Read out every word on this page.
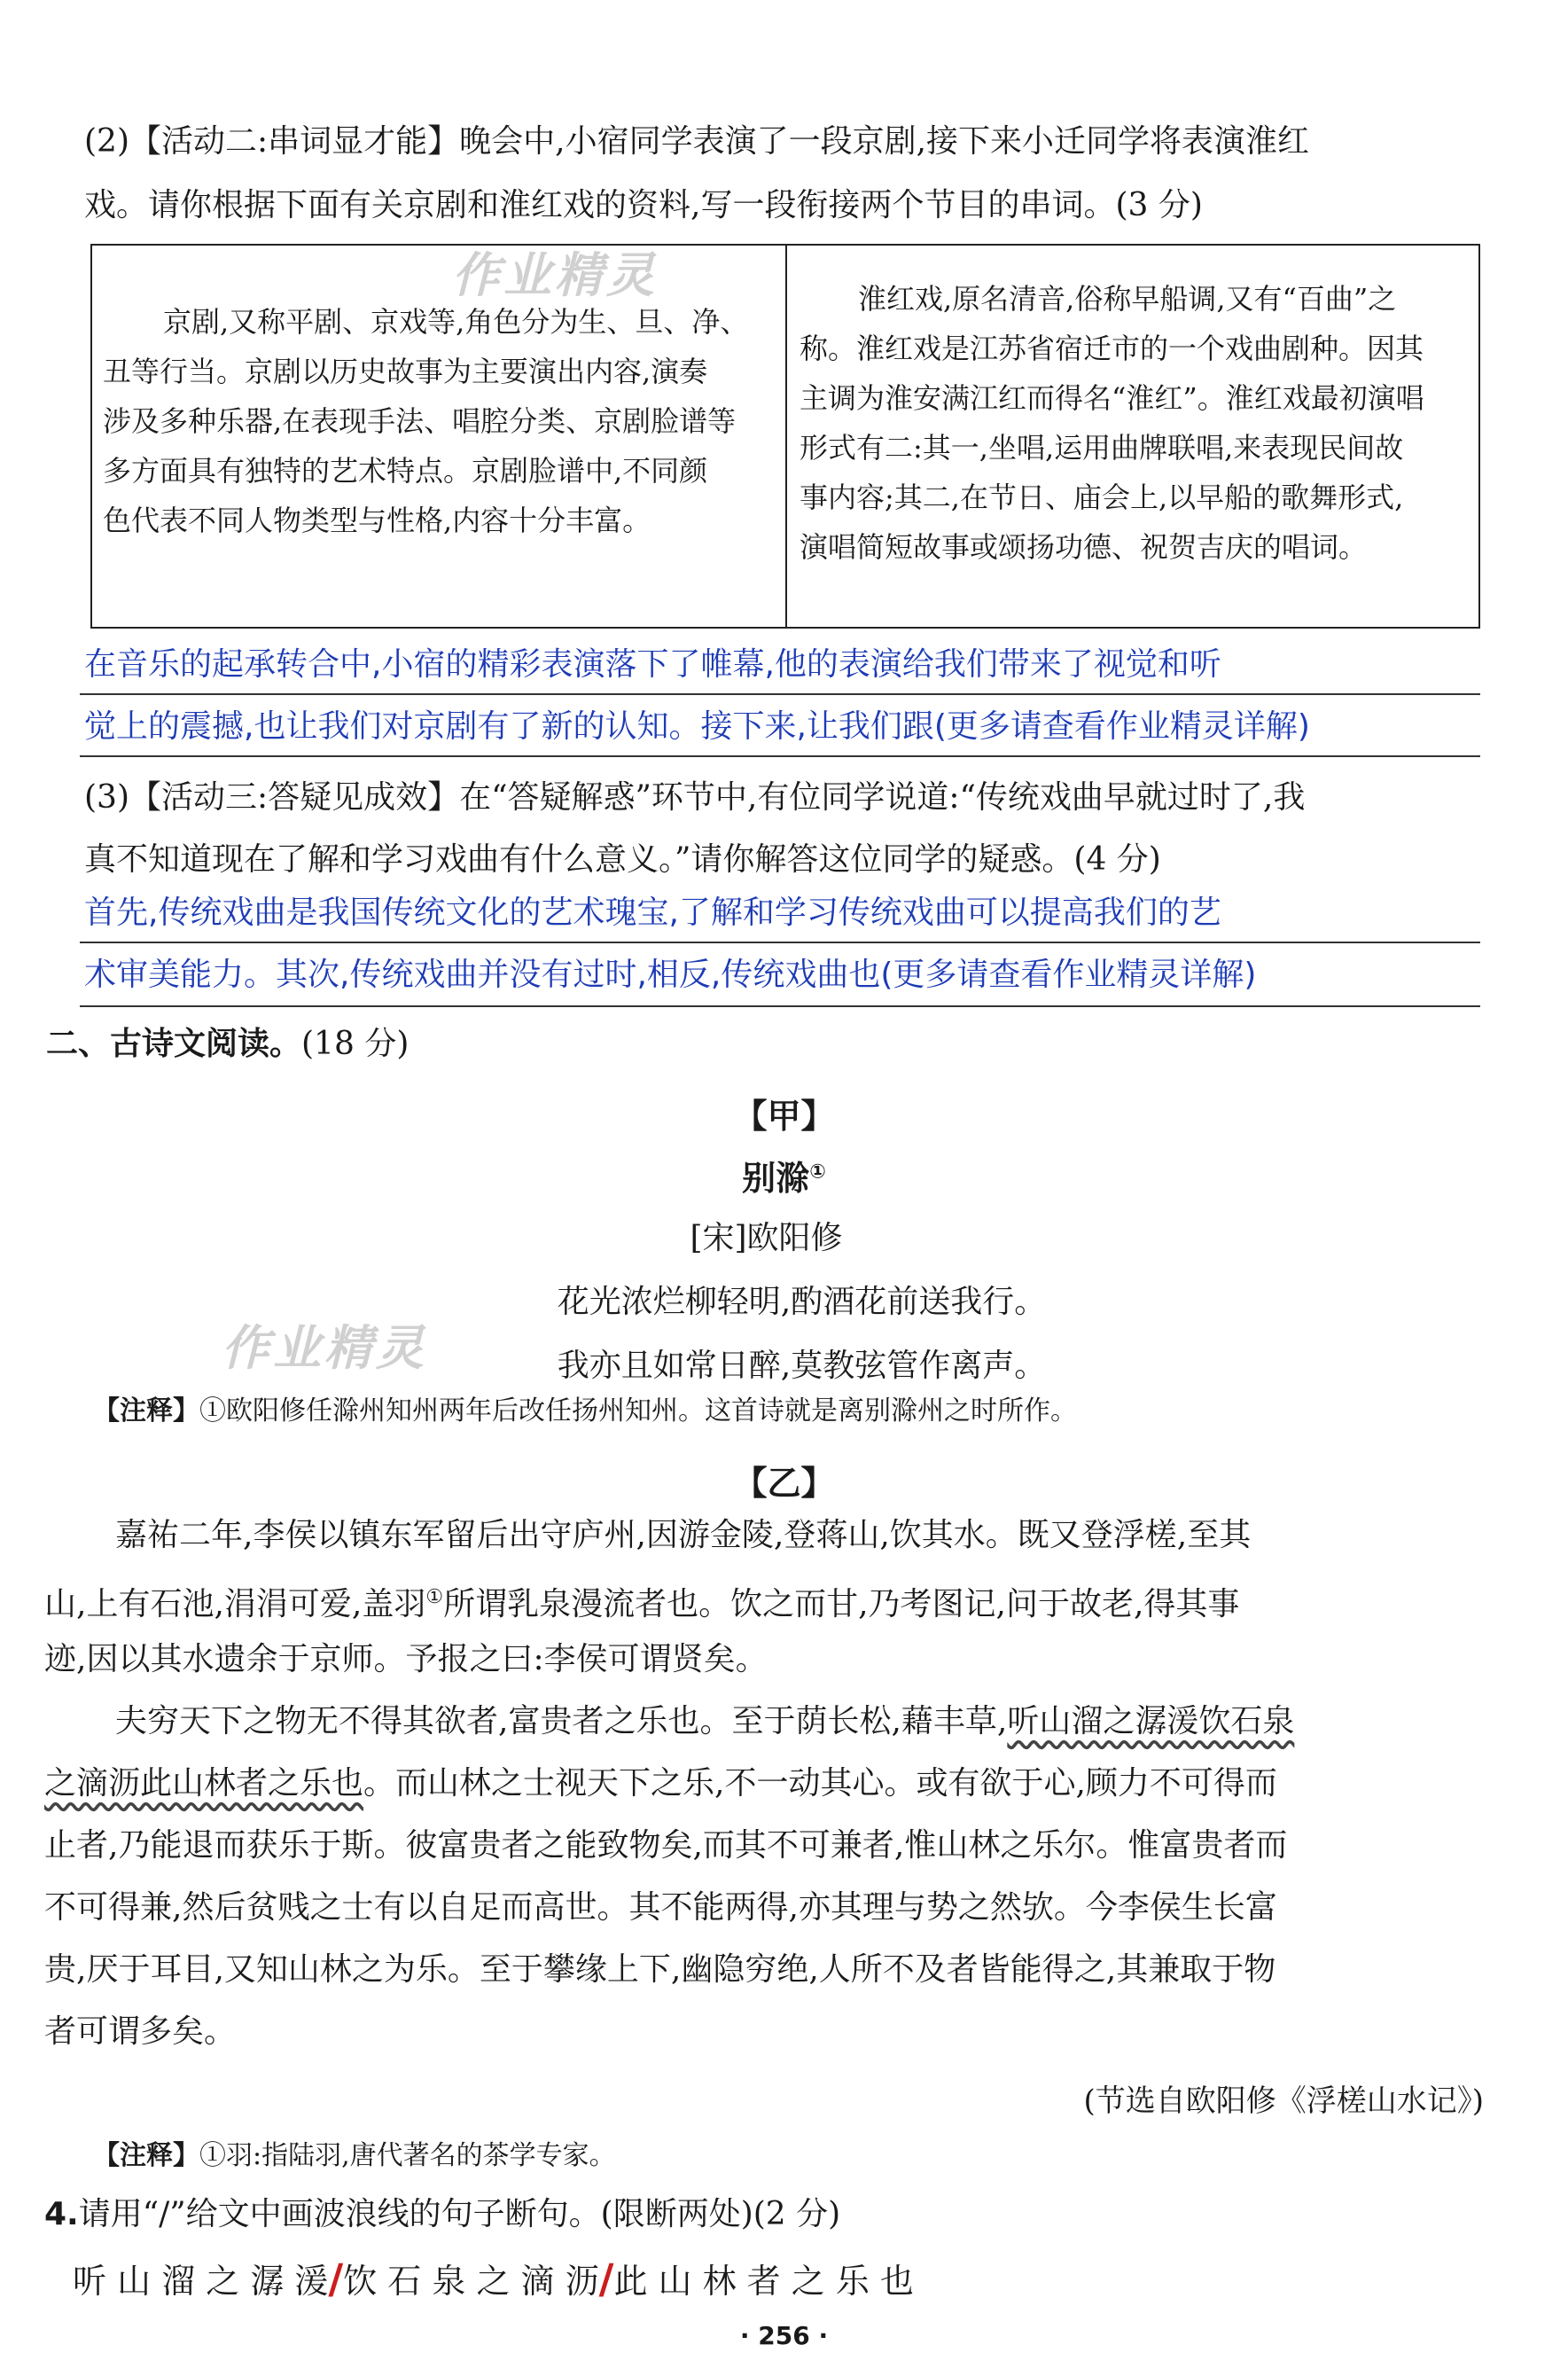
(2)【活动二:串词显才能】晚会中,小宿同学表演了一段京剧,接下来小迁同学将表演淮红
戏。请你根据下面有关京剧和淮红戏的资料,写一段衔接两个节目的串词。(3 分)
京剧,又称平剧、京戏等,角色分为生、旦、净、
丑等行当。京剧以历史故事为主要演出内容,演奏
涉及多种乐器,在表现手法、唱腔分类、京剧脸谱等
多方面具有独特的艺术特点。京剧脸谱中,不同颜
色代表不同人物类型与性格,内容十分丰富。
淮红戏,原名清音,俗称早船调,又有“百曲”之
称。淮红戏是江苏省宿迁市的一个戏曲剧种。因其
主调为淮安满江红而得名“淮红”。淮红戏最初演唱
形式有二:其一,坐唱,运用曲牌联唱,来表现民间故
事内容;其二,在节日、庙会上,以早船的歌舞形式,
演唱简短故事或颂扬功德、祝贺吉庆的唱词。
作业精灵
在音乐的起承转合中,小宿的精彩表演落下了帷幕,他的表演给我们带来了视觉和听
觉上的震撼,也让我们对京剧有了新的认知。接下来,让我们跟(更多请查看作业精灵详解)
(3)【活动三:答疑见成效】在“答疑解惑”环节中,有位同学说道:“传统戏曲早就过时了,我
真不知道现在了解和学习戏曲有什么意义。”请你解答这位同学的疑惑。(4 分)
首先,传统戏曲是我国传统文化的艺术瑰宝,了解和学习传统戏曲可以提高我们的艺
术审美能力。其次,传统戏曲并没有过时,相反,传统戏曲也(更多请查看作业精灵详解)
二、古诗文阅读。(18 分)
【甲】
别滁①
[宋]欧阳修
花光浓烂柳轻明,酌酒花前送我行。
我亦且如常日醉,莫教弦管作离声。
作业精灵
【注释】①欧阳修任滁州知州两年后改任扬州知州。这首诗就是离别滁州之时所作。
【乙】
嘉祐二年,李侯以镇东军留后出守庐州,因游金陵,登蒋山,饮其水。既又登浮槎,至其
山,上有石池,涓涓可爱,盖羽①所谓乳泉漫流者也。饮之而甘,乃考图记,问于故老,得其事
迹,因以其水遗余于京师。予报之曰:李侯可谓贤矣。
夫穷天下之物无不得其欲者,富贵者之乐也。至于荫长松,藉丰草,听山溜之潺湲饮石泉
之滴沥此山林者之乐也。而山林之士视天下之乐,不一动其心。或有欲于心,顾力不可得而
止者,乃能退而获乐于斯。彼富贵者之能致物矣,而其不可兼者,惟山林之乐尔。惟富贵者而
不可得兼,然后贫贱之士有以自足而高世。其不能两得,亦其理与势之然欤。今李侯生长富
贵,厌于耳目,又知山林之为乐。至于攀缘上下,幽隐穷绝,人所不及者皆能得之,其兼取于物
者可谓多矣。
(节选自欧阳修《浮槎山水记》)
【注释】①羽:指陆羽,唐代著名的茶学专家。
4.请用“/”给文中画波浪线的句子断句。(限断两处)(2 分)
听 山 溜 之 潺 湲/饮 石 泉 之 滴 沥/此 山 林 者 之 乐 也
· 256 ·
